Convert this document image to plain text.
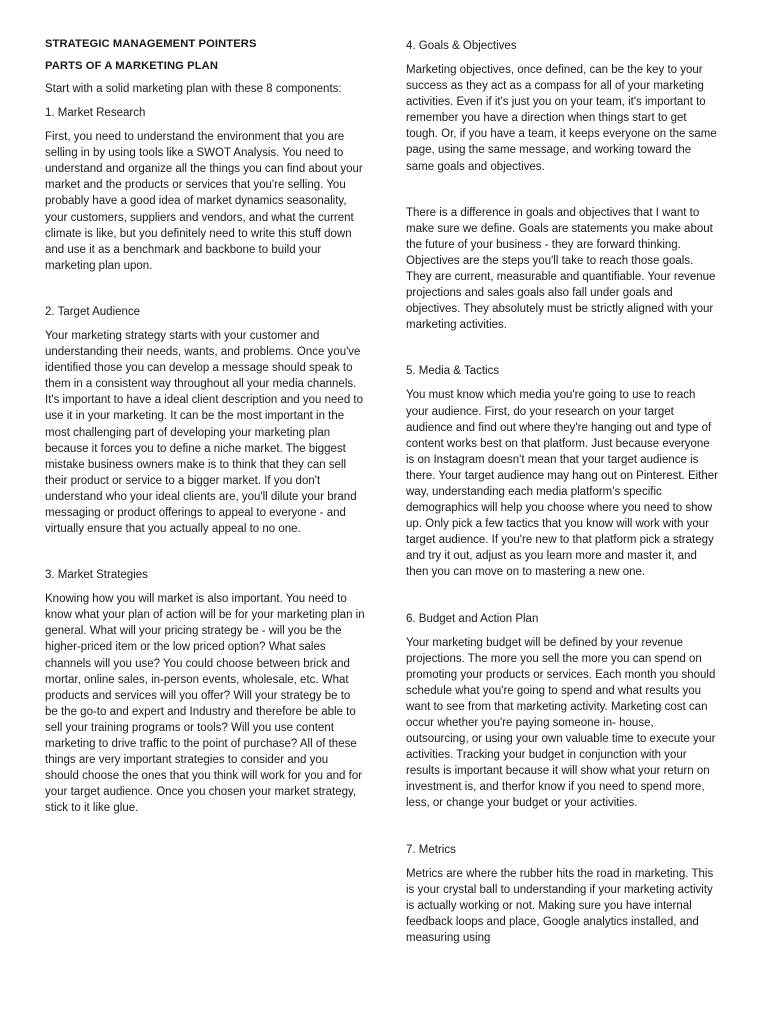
STRATEGIC MANAGEMENT POINTERS

PARTS OF A MARKETING PLAN

Start with a solid marketing plan with these 8 components:

1. Market Research

First, you need to understand the environment that you are selling in by using tools like a SWOT Analysis. You need to understand and organize all the things you can find about your market and the products or services that you're selling. You probably have a good idea of market dynamics seasonality, your customers, suppliers and vendors, and what the current climate is like, but you definitely need to write this stuff down and use it as a benchmark and backbone to build your marketing plan upon.

2. Target Audience

Your marketing strategy starts with your customer and understanding their needs, wants, and problems. Once you've identified those you can develop a message should speak to them in a consistent way throughout all your media channels. It's important to have a ideal client description and you need to use it in your marketing. It can be the most important in the most challenging part of developing your marketing plan because it forces you to define a niche market. The biggest mistake business owners make is to think that they can sell their product or service to a bigger market. If you don't understand who your ideal clients are, you'll dilute your brand messaging or product offerings to appeal to everyone - and virtually ensure that you actually appeal to no one.

3. Market Strategies

Knowing how you will market is also important. You need to know what your plan of action will be for your marketing plan in general. What will your pricing strategy be - will you be the higher-priced item or the low priced option? What sales channels will you use? You could choose between brick and mortar, online sales, in-person events, wholesale, etc. What products and services will you offer? Will your strategy be to be the go-to and expert and Industry and therefore be able to sell your training programs or tools? Will you use content marketing to drive traffic to the point of purchase? All of these things are very important strategies to consider and you should choose the ones that you think will work for you and for your target audience. Once you chosen your market strategy, stick to it like glue.

4. Goals & Objectives

Marketing objectives, once defined, can be the key to your success as they act as a compass for all of your marketing activities. Even if it's just you on your team, it's important to remember you have a direction when things start to get tough. Or, if you have a team, it keeps everyone on the same page, using the same message, and working toward the same goals and objectives.

There is a difference in goals and objectives that I want to make sure we define. Goals are statements you make about the future of your business - they are forward thinking. Objectives are the steps you'll take to reach those goals. They are current, measurable and quantifiable. Your revenue projections and sales goals also fall under goals and objectives. They absolutely must be strictly aligned with your marketing activities.

5. Media & Tactics

You must know which media you're going to use to reach your audience. First, do your research on your target audience and find out where they're hanging out and type of content works best on that platform. Just because everyone is on Instagram doesn't mean that your target audience is there. Your target audience may hang out on Pinterest. Either way, understanding each media platform's specific demographics will help you choose where you need to show up. Only pick a few tactics that you know will work with your target audience. If you're new to that platform pick a strategy and try it out, adjust as you learn more and master it, and then you can move on to mastering a new one.

6. Budget and Action Plan

Your marketing budget will be defined by your revenue projections. The more you sell the more you can spend on promoting your products or services. Each month you should schedule what you're going to spend and what results you want to see from that marketing activity. Marketing cost can occur whether you're paying someone in- house, outsourcing, or using your own valuable time to execute your activities. Tracking your budget in conjunction with your results is important because it will show what your return on investment is, and therfor know if you need to spend more, less, or change your budget or your activities.

7. Metrics

Metrics are where the rubber hits the road in marketing. This is your crystal ball to understanding if your marketing activity is actually working or not. Making sure you have internal feedback loops and place, Google analytics installed, and measuring using
